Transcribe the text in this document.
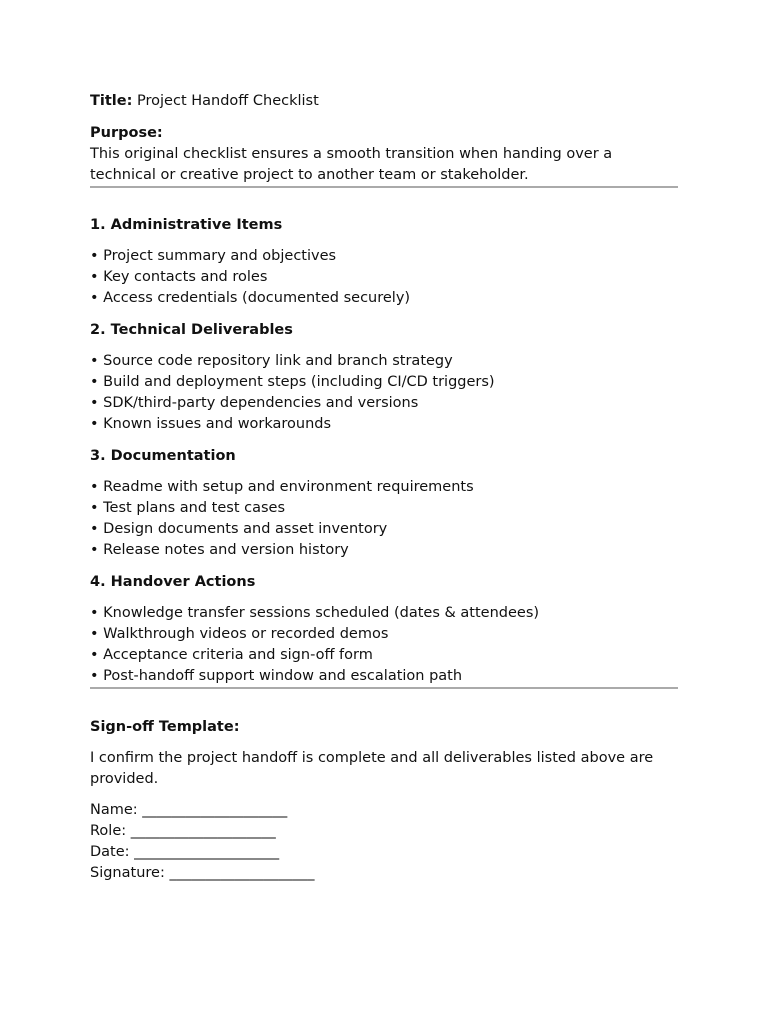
Title: Project Handoff Checklist

Purpose:

This original checklist ensures a smooth transition when handing over a technical or creative project to another team or stakeholder.

1. Administrative Items
• Project summary and objectives
• Key contacts and roles
• Access credentials (documented securely)
2. Technical Deliverables
• Source code repository link and branch strategy
• Build and deployment steps (including CI/CD triggers)
• SDK/third-party dependencies and versions
• Known issues and workarounds
3. Documentation
• Readme with setup and environment requirements
• Test plans and test cases
• Design documents and asset inventory
• Release notes and version history
4. Handover Actions
• Knowledge transfer sessions scheduled (dates & attendees)
• Walkthrough videos or recorded demos
• Acceptance criteria and sign-off form
• Post-handoff support window and escalation path
Sign-off Template:

I confirm the project handoff is complete and all deliverables listed above are provided.

Name: ____________________
Role: ____________________
Date: ____________________
Signature: ____________________
